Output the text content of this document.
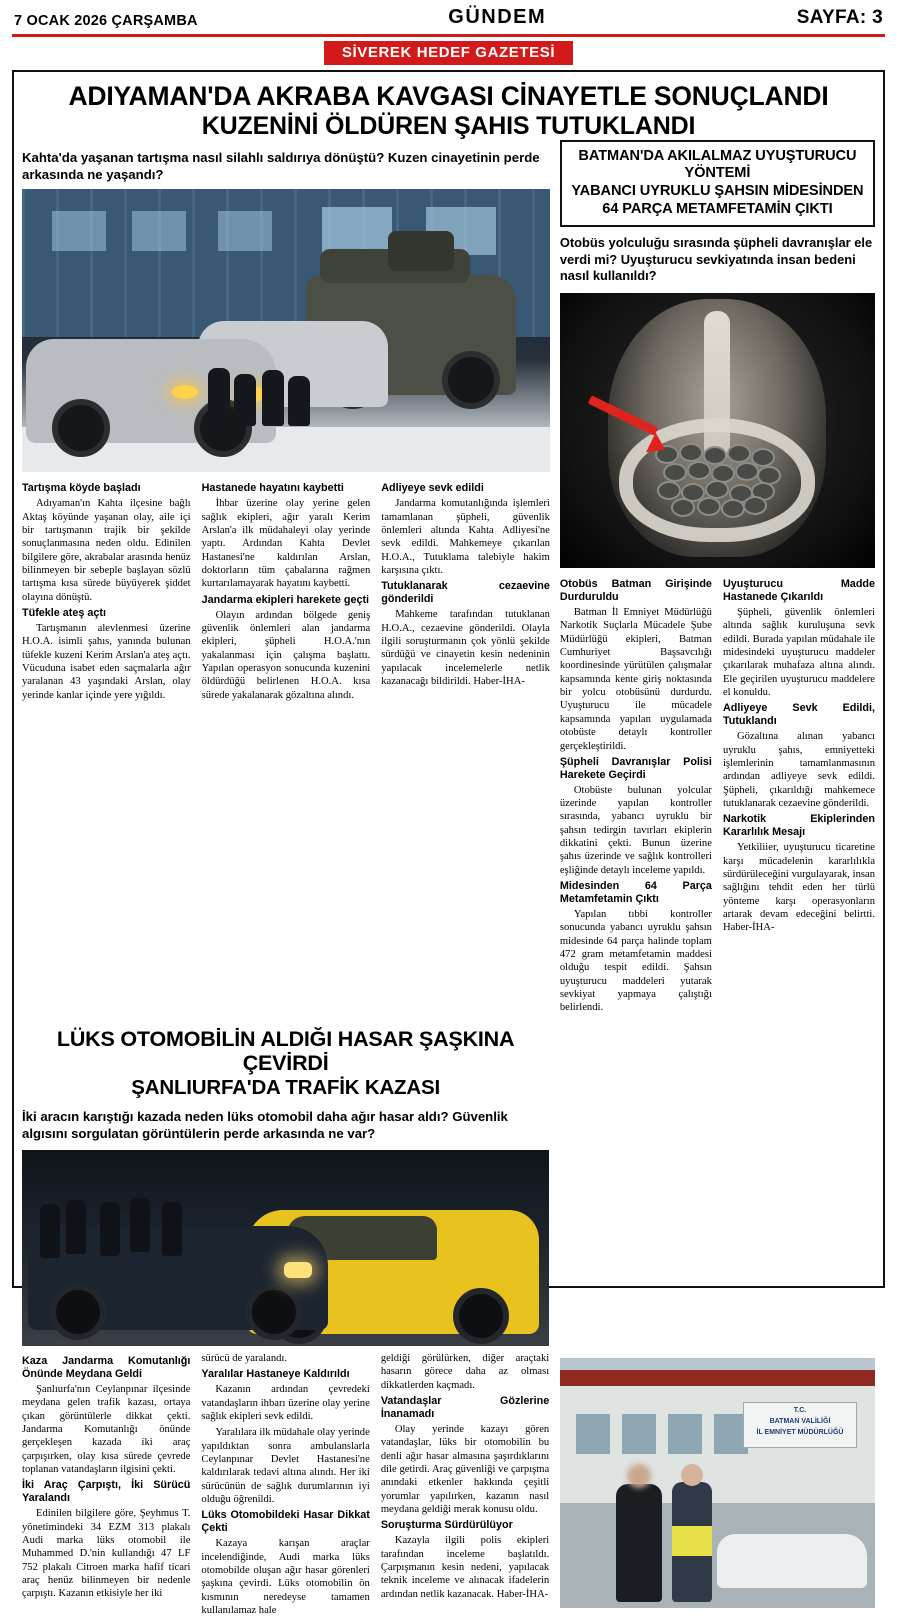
7 OCAK 2026 ÇARŞAMBA	GÜNDEM	SAYFA: 3
SİVEREK HEDEF GAZETESİ
ADIYAMAN'DA AKRABA KAVGASI CİNAYETLE SONUÇLANDI
KUZENİNİ ÖLDÜREN ŞAHIS TUTUKLANDI
Kahta'da yaşanan tartışma nasıl silahlı saldırıya dönüştü? Kuzen cinayetinin perde arkasında ne yaşandı?
Tartışma köyde başladı

Adıyaman'ın Kahta ilçesine bağlı Aktaş köyünde yaşanan olay, aile içi bir tartışmanın trajik bir şekilde sonuçlanmasına neden oldu. Edinilen bilgilere göre, akrabalar arasında henüz bilinmeyen bir sebeple başlayan sözlü tartışma kısa sürede büyüyerek şiddet olayına dönüştü.

Tüfekle ateş açtı

Tartışmanın alevlenmesi üzerine H.O.A. isimli şahıs, yanında bulunan tüfekle kuzeni Kerim Arslan'a ateş açtı. Vücuduna isabet eden saçmalarla ağır yaralanan 43 yaşındaki Arslan, olay yerinde kanlar içinde yere yığıldı.

Hastanede hayatını kaybetti

İhbar üzerine olay yerine gelen sağlık ekipleri, ağır yaralı Kerim Arslan'a ilk müdahaleyi olay yerinde yaptı. Ardından Kahta Devlet Hastanesi'ne kaldırılan Arslan, doktorların tüm çabalarına rağmen kurtarılamayarak hayatını kaybetti.

Jandarma ekipleri harekete geçti

Olayın ardından bölgede geniş güvenlik önlemleri alan jandarma ekipleri, şüpheli H.O.A.'nın yakalanması için çalışma başlattı. Yapılan operasyon sonucunda kuzenini öldürdüğü belirlenen H.O.A. kısa sürede yakalanarak gözaltına alındı.

Adliyeye sevk edildi

Jandarma komutanlığında işlemleri tamamlanan şüpheli, güvenlik önlemleri altında Kahta Adliyesi'ne sevk edildi. Mahkemeye çıkarılan H.O.A., Tutuklama talebiyle hakim karşısına çıktı.

Tutuklanarak cezaevine gönderildi

Mahkeme tarafından tutuklanan H.O.A., cezaevine gönderildi. Olayla ilgili soruşturmanın çok yönlü şekilde sürdüğü ve cinayetin kesin nedeninin yapılacak incelemelerle netlik kazanacağı bildirildi. Haber-İHA-

BATMAN'DA AKILALMAZ UYUŞTURUCU YÖNTEMİ
YABANCI UYRUKLU ŞAHSIN MİDESİNDEN
64 PARÇA METAMFETAMİN ÇIKTI
Otobüs yolculuğu sırasında şüpheli davranışlar ele verdi mi? Uyuşturucu sevkiyatında insan bedeni nasıl kullanıldı?
Otobüs Batman Girişinde Durduruldu

Batman İl Emniyet Müdürlüğü Narkotik Suçlarla Mücadele Şube Müdürlüğü ekipleri, Batman Cumhuriyet Başsavcılığı koordinesinde yürütülen çalışmalar kapsamında kente giriş noktasında bir yolcu otobüsünü durdurdu. Uyuşturucu ile mücadele kapsamında yapılan uygulamada otobüste detaylı kontroller gerçekleştirildi.

Şüpheli Davranışlar Polisi Harekete Geçirdi

Otobüste bulunan yolcular üzerinde yapılan kontroller sırasında, yabancı uyruklu bir şahsın tedirgin tavırları ekiplerin dikkatini çekti. Bunun üzerine şahıs üzerinde ve sağlık kontrolleri eşliğinde detaylı inceleme yapıldı.

Midesinden 64 Parça Metamfetamin Çıktı

Yapılan tıbbi kontroller sonucunda yabancı uyruklu şahsın midesinde 64 parça halinde toplam 472 gram metamfetamin maddesi olduğu tespit edildi. Şahsın uyuşturucu maddeleri yutarak sevkiyat yapmaya çalıştığı belirlendi.

Uyuşturucu Madde Hastanede Çıkarıldı

Şüpheli, güvenlik önlemleri altında sağlık kuruluşuna sevk edildi. Burada yapılan müdahale ile midesindeki uyuşturucu maddeler çıkarılarak muhafaza altına alındı. Ele geçirilen uyuşturucu maddelere el konuldu.

Adliyeye Sevk Edildi, Tutuklandı

Gözaltına alınan yabancı uyruklu şahıs, emniyetteki işlemlerinin tamamlanmasının ardından adliyeye sevk edildi. Şüpheli, çıkarıldığı mahkemece tutuklanarak cezaevine gönderildi.

Narkotik Ekiplerinden Kararlılık Mesajı

Yetkiliier, uyuşturucu ticaretine karşı mücadelenin kararlılıkla sürdürüleceğini vurgulayarak, insan sağlığını tehdit eden her türlü yönteme karşı operasyonların artarak devam edeceğini belirtti. Haber-İHA-

LÜKS OTOMOBİLİN ALDIĞI HASAR ŞAŞKINA ÇEVİRDİ
ŞANLIURFA'DA TRAFİK KAZASI
İki aracın karıştığı kazada neden lüks otomobil daha ağır hasar aldı? Güvenlik algısını sorgulatan görüntülerin perde arkasında ne var?
Kaza Jandarma Komutanlığı Önünde Meydana Geldi

Şanlıurfa'nın Ceylanpınar ilçesinde meydana gelen trafik kazası, ortaya çıkan görüntülerle dikkat çekti. Jandarma Komutanlığı önünde gerçekleşen kazada iki araç çarpışırken, olay kısa sürede çevrede toplanan vatandaşların ilgisini çekti.

İki Araç Çarpıştı, İki Sürücü Yaralandı

Edinilen bilgilere göre, Şeyhmus T. yönetimindeki 34 EZM 313 plakalı Audi marka lüks otomobil ile Muhammed D.'nin kullandığı 47 LF 752 plakalı Citroen marka hafif ticari araç henüz bilinmeyen bir nedenle çarpıştı. Kazanın etkisiyle her iki

sürücü de yaralandı.

Yaralılar Hastaneye Kaldırıldı

Kazanın ardından çevredeki vatandaşların ihbarı üzerine olay yerine sağlık ekipleri sevk edildi.

Yaralılara ilk müdahale olay yerinde yapıldıktan sonra ambulanslarla Ceylanpınar Devlet Hastanesi'ne kaldırılarak tedavi altına alındı. Her iki sürücünün de sağlık durumlarının iyi olduğu öğrenildi.

Lüks Otomobildeki Hasar Dikkat Çekti

Kazaya karışan araçlar incelendiğinde, Audi marka lüks otomobilde oluşan ağır hasar görenleri şaşkına çevirdi. Lüks otomobilin ön kısmının neredeyse tamamen kullanılamaz hale

geldiği görülürken, diğer araçtaki hasarın görece daha az olması dikkatlerden kaçmadı.

Vatandaşlar Gözlerine İnanamadı

Olay yerinde kazayı gören vatandaşlar, lüks bir otomobilin bu denli ağır hasar almasına şaşırdıklarını dile getirdi. Araç güvenliği ve çarpışma anındaki etkenler hakkında çeşitli yorumlar yapılırken, kazanın nasıl meydana geldiği merak konusu oldu.

Soruşturma Sürdürülüyor

Kazayla ilgili polis ekipleri tarafından inceleme başlatıldı. Çarpışmanın kesin nedeni, yapılacak teknik inceleme ve alınacak ifadelerin ardından netlik kazanacak. Haber-İHA-

T.C.
BATMAN VALİLİĞİ
İL EMNİYET MÜDÜRLÜĞÜ
